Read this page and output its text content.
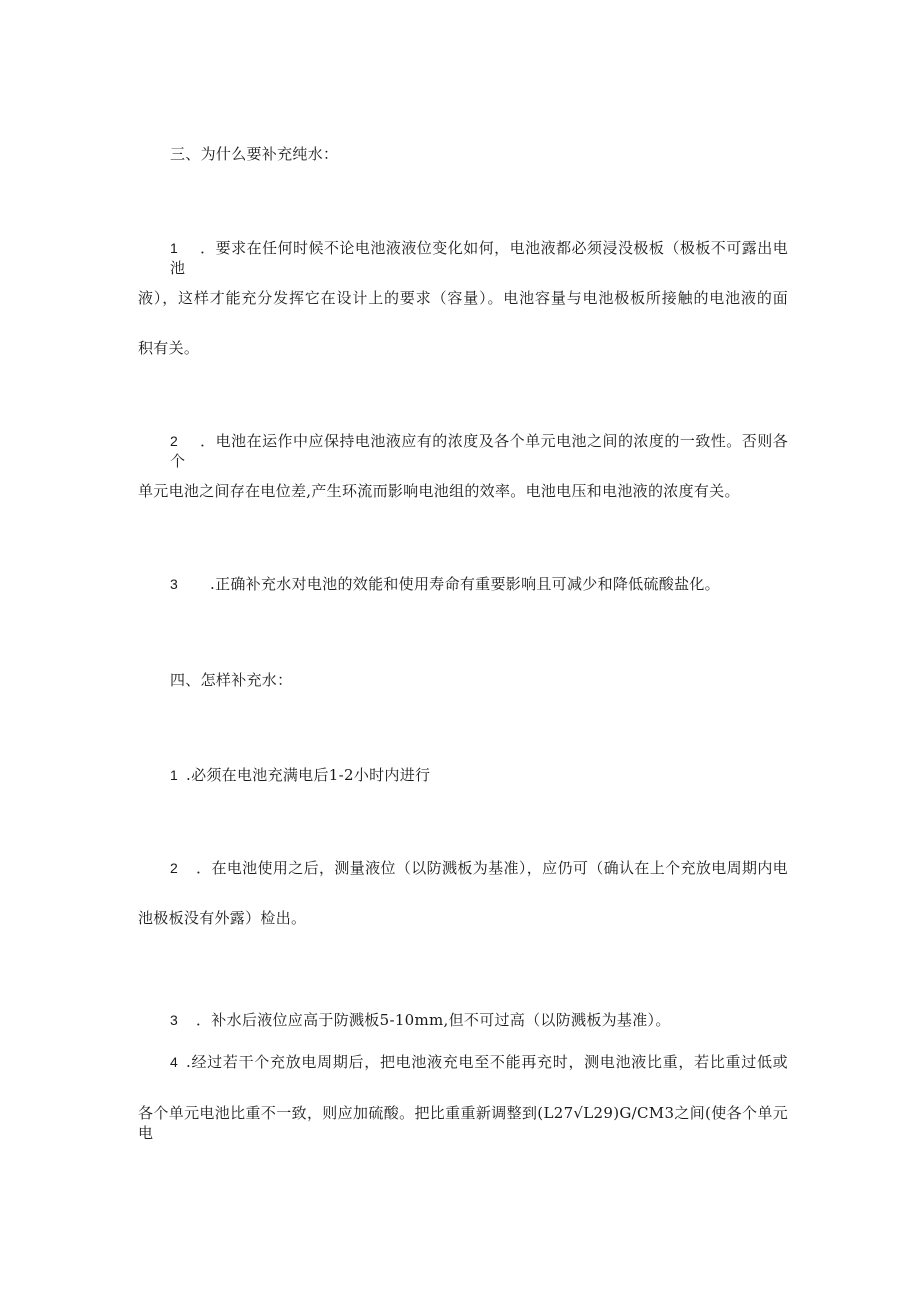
三、为什么要补充纯水：
1 ．要求在任何时候不论电池液液位变化如何，电池液都必须浸没极板（极板不可露出电池
液），这样才能充分发挥它在设计上的要求（容量）。电池容量与电池极板所接触的电池液的面
积有关。
2 ．电池在运作中应保持电池液应有的浓度及各个单元电池之间的浓度的一致性。否则各个
单元电池之间存在电位差,产生环流而影响电池组的效率。电池电压和电池液的浓度有关。
3 .正确补充水对电池的效能和使用寿命有重要影响且可减少和降低硫酸盐化。
四、怎样补充水：
1 .必须在电池充满电后1-2小时内进行
2 ．在电池使用之后，测量液位（以防溅板为基准），应仍可（确认在上个充放电周期内电
池极板没有外露）检出。
3 ．补水后液位应高于防溅板5-10mm,但不可过高（以防溅板为基准）。
4 .经过若干个充放电周期后，把电池液充电至不能再充时，测电池液比重，若比重过低或
各个单元电池比重不一致，则应加硫酸。把比重重新调整到(L27√L29)G∕CM3之间(使各个单元电
